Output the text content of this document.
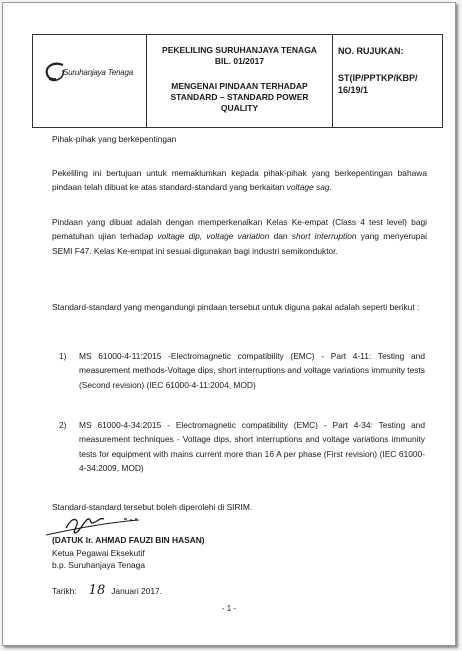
Suruhanjaya Tenaga
PEKELILING SURUHANJAYA TENAGA
BIL. 01/2017
MENGENAI PINDAAN TERHADAP
STANDARD – STANDARD POWER
QUALITY
NO. RUJUKAN:
ST(IP/PPTKP/KBP/
16/19/1
Pihak-pihak yang berkepentingan
Pekeliling ini bertujuan untuk memaklumkan kepada pihak-pihak yang berkepentingan bahawa pindaan telah dibuat ke atas standard-standard yang berkaitan voltage sag.
Pindaan yang dibuat adalah dengan memperkenalkan Kelas Ke-empat (Class 4 test level) bagi pematuhan ujian terhadap voltage dip, voltage variation dan short interruption yang menyerupai SEMI F47. Kelas Ke-empat ini sesuai digunakan bagi industri semikonduktor.
Standard-standard yang mengandungi pindaan tersebut untuk diguna pakai adalah seperti berikut :
1)	MS 61000-4-11:2015 -Electromagnetic compatibility (EMC) - Part 4-11: Testing and measurement methods-Voltage dips, short interruptions and voltage variations immunity tests (Second revision) (IEC 61000-4-11:2004, MOD)
2)	MS 61000-4-34:2015 - Electromagnetic compatibility (EMC) - Part 4-34: Testing and measurement techniques - Voltage dips, short interruptions and voltage variations immunity tests for equipment with mains current more than 16 A per phase (First revision) (IEC 61000-4-34:2009, MOD)
Standard-standard tersebut boleh diperolehi di SIRIM.
(DATUK Ir. AHMAD FAUZI BIN HASAN)
Ketua Pegawai Eksekutif
b.p. Suruhanjaya Tenaga
Tarikh: 18 Januari 2017.
- 1 -
